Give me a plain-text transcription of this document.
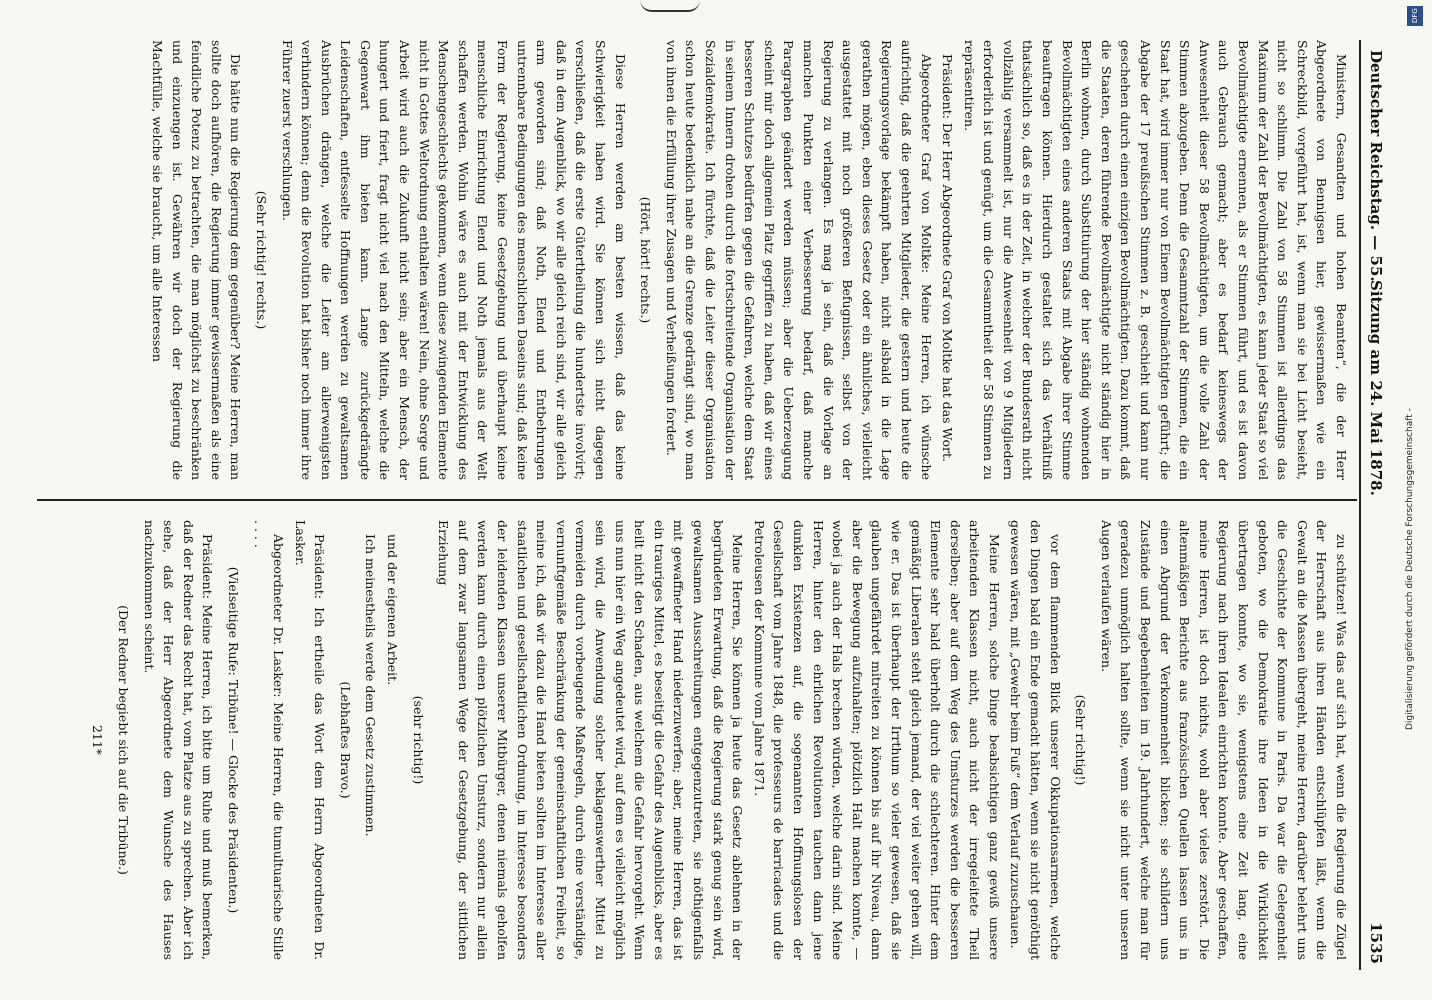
Deutscher Reichstag. — 55.
Sitzung am 24. Mai 1878.
1535

Ministern, Gesandten und hohen Beamten“, die der Herr Abgeordnete von Bennigsen hier, gewissermaßen wie ein Schreckbild, vorgeführt hat, ist, wenn man sie bei Licht besieht, nicht so schlimm. Die Zahl von 58 Stimmen ist allerdings das Maximum der Zahl der Bevollmächtigten, es kann jeder Staat so viel Bevollmächtigte ernennen, als er Stimmen führt, und es ist davon auch Gebrauch gemacht; aber es bedarf keineswegs der Anwesenheit dieser 58 Bevollmächtigten, um die volle Zahl der Stimmen abzugeben. Denn die Gesammtzahl der Stimmen, die ein Staat hat, wird immer nur von Einem Bevollmächtigten geführt; die Abgabe der 17 preußischen Stimmen z. B. geschieht und kann nur geschehen durch einen einzigen Bevollmächtigten. Dazu kommt, daß die Staaten, deren führende Bevollmächtigte nicht ständig hier in Berlin wohnen, durch Substituirung der hier ständig wohnenden Bevollmächtigten eines anderen Staats mit Abgabe ihrer Stimme beauftragen können. Hierdurch gestaltet sich das Verhältniß thatsächlich so, daß es in der Zeit, in welcher der Bundesrath nicht vollzählig versammelt ist, nur die Anwesenheit von 9 Mitgliedern erforderlich ist und genügt, um die Gesammtheit der 58 Stimmen zu repräsentiren.

Präsident: Der Herr Abgeordnete Graf von Moltke hat das Wort.

Abgeordneter Graf von Moltke: Meine Herren, ich wünsche aufrichtig, daß die geehrten Mitglieder, die gestern und heute die Regierungsvorlage bekämpft haben, nicht alsbald in die Lage gerathen mögen, eben dieses Gesetz oder ein ähnliches, vielleicht ausgestattet mit noch größeren Befugnissen, selbst von der Regierung zu verlangen. Es mag ja sein, daß die Vorlage an manchen Punkten einer Verbesserung bedarf, daß manche Paragraphen geändert werden müssen; aber die Ueberzeugung scheint mir doch allgemein Platz gegriffen zu haben, daß wir eines besseren Schutzes bedürfen gegen die Gefahren, welche dem Staat in seinem Innern drohen durch die fortschreitende Organisation der Sozialdemokratie. Ich fürchte, daß die Leiter dieser Organisation schon heute bedenklich nahe an die Grenze gedrängt sind, wo man von ihnen die Erfüllung ihrer Zusagen und Verheißungen fordert.

(Hört, hört! rechts.)

Diese Herren werden am besten wissen, daß das keine Schwierigkeit haben wird. Sie können sich nicht dagegen verschließen, daß die erste Gütertheilung die hundertste involvirt; daß in dem Augenblick, wo wir alle gleich reich sind, wir alle gleich arm geworden sind; daß Noth, Elend und Entbehrungen untrennbare Bedingungen des menschlichen Daseins sind; daß keine Form der Regierung, keine Gesetzgebung und überhaupt keine menschliche Einrichtung Elend und Noth jemals aus der Welt schaffen werden. Wohin wäre es auch mit der Entwicklung des Menschengeschlechts gekommen, wenn diese zwingenden Elemente nicht in Gottes Weltordnung enthalten wären! Nein, ohne Sorge und Arbeit wird auch die Zukunft nicht sein; aber ein Mensch, der hungert und friert, fragt nicht viel nach den Mitteln, welche die Gegenwart ihm bieten kann. Lange zurückgedrängte Leidenschaften, entfesselte Hoffnungen werden zu gewaltsamen Ausbrüchen drängen, welche die Leiter am allerwenigsten verhindern können; denn die Revolution hat bisher noch immer ihre Führer zuerst verschlungen.

(Sehr richtig! rechts.)

Die hätte nun die Regierung dem gegenüber? Meine Herren, man sollte doch aufhören, die Regierung immer gewissermaßen als eine feindliche Potenz zu betrachten, die man möglichst zu beschränken und einzuengen ist. Gewähren wir doch der Regierung die Machtfülle, welche sie braucht, um alle Interessen

zu schützen! Was das auf sich hat, wenn die Regierung die Zügel der Herrschaft aus ihren Händen entschlüpfen läßt, wenn die Gewalt an die Massen übergeht, meine Herren, darüber belehrt uns die Geschichte der Kommune in Paris. Da war die Gelegenheit geboten, wo die Demokratie ihre Ideen in die Wirklichkeit übertragen konnte, wo sie, wenigstens eine Zeit lang, eine Regierung nach ihren Idealen einrichten konnte. Aber geschaffen, meine Herren, ist doch nichts, wohl aber vieles zerstört. Die altenmäßigen Berichte aus französischen Quellen lassen uns in einen Abgrund der Verkommenheit blicken; sie schildern uns Zustände und Begebenheiten im 19. Jahrhundert, welche man für geradezu unmöglich halten sollte, wenn sie nicht unter unseren Augen verlaufen wären.

(Sehr richtig!)

vor dem flammenden Blick unserer Okkupationsarmeen, welche den Dingen bald ein Ende gemacht hätten, wenn sie nicht genöthigt gewesen wären, mit „Gewehr beim Fuß“ dem Verlauf zuzuschauen.

Meine Herren, solche Dinge beabsichtigen ganz gewiß unsere arbeitenden Klassen nicht, auch nicht der irregeleitete Theil derselben; aber auf dem Weg des Umsturzes werden die besseren Elemente sehr bald überholt durch die schlechteren. Hinter dem gemäßigt Liberalen steht gleich jemand, der viel weiter gehen will, wie er. Das ist überhaupt der Irrthum so vieler gewesen, daß sie glauben ungefährdet mitreiten zu können bis auf ihr Niveau, dann aber die Bewegung aufzuhalten; plötzlich Halt machen konnte, — wobei ja auch der Hals brechen würden, welche darin sind. Meine Herren, hinter den ehrlichen Revolutionen tauchen dann jene dunklen Existenzen auf, die sogenannten Hoffnungslosen der Gesellschaft vom Jahre 1848, die professeurs de barricades und die Petroleusen der Kommune vom Jahre 1871.

Meine Herren, Sie können ja heute das Gesetz ablehnen in der begründeten Erwartung, daß die Regierung stark genug sein wird, gewaltsamen Ausschreitungen entgegenzutreten, sie nöthigenfalls mit gewaffneter Hand niederzuwerfen; aber, meine Herren, das ist ein trauriges Mittel, es beseitigt die Gefahr des Augenblicks, aber es heilt nicht den Schaden, aus welchem die Gefahr hervorgeht. Wenn uns nun hier ein Weg angedeutet wird, auf dem es vielleicht möglich sein wird, die Anwendung solcher beklagenswerther Mittel zu vermeiden durch vorbeugende Maßregeln, durch eine verständige, vernunftgemäße Beschränkung der gemeinschaftlichen Freiheit, so meine ich, daß wir dazu die Hand bieten sollten im Interesse aller staatlichen und gesellschaftlichen Ordnung, im Interesse besonders der leidenden Klassen unserer Mitbürger, denen niemals geholfen werden kann durch einen plötzlichen Umsturz, sondern nur allein auf dem zwar langsamen Wege der Gesetzgebung, der sittlichen Erziehung

(sehr richtig!)

und der eigenen Arbeit.

Ich meinestheils werde dem Gesetz zustimmen.

(Lebhaftes Bravo.)

Präsident: Ich ertheile das Wort dem Herrn Abgeordneten Dr. Lasker.

Abgeordneter Dr. Lasker: Meine Herren, die tumultuarische Stille . . . .

(Vielseitige Rufe: Tribüne! — Glocke des Präsidenten.)

Präsident: Meine Herren, ich bitte um Ruhe und muß bemerken, daß der Redner das Recht hat, vom Platze aus zu sprechen. Aber ich sehe, daß der Herr Abgeordnete dem Wunsche des Hauses nachzukommen scheint.

(Der Redner begiebt sich auf die Tribüne.)

211*

DFG
Digitalisierung gefördert durch die Deutsche Forschungsgemeinschaft -
